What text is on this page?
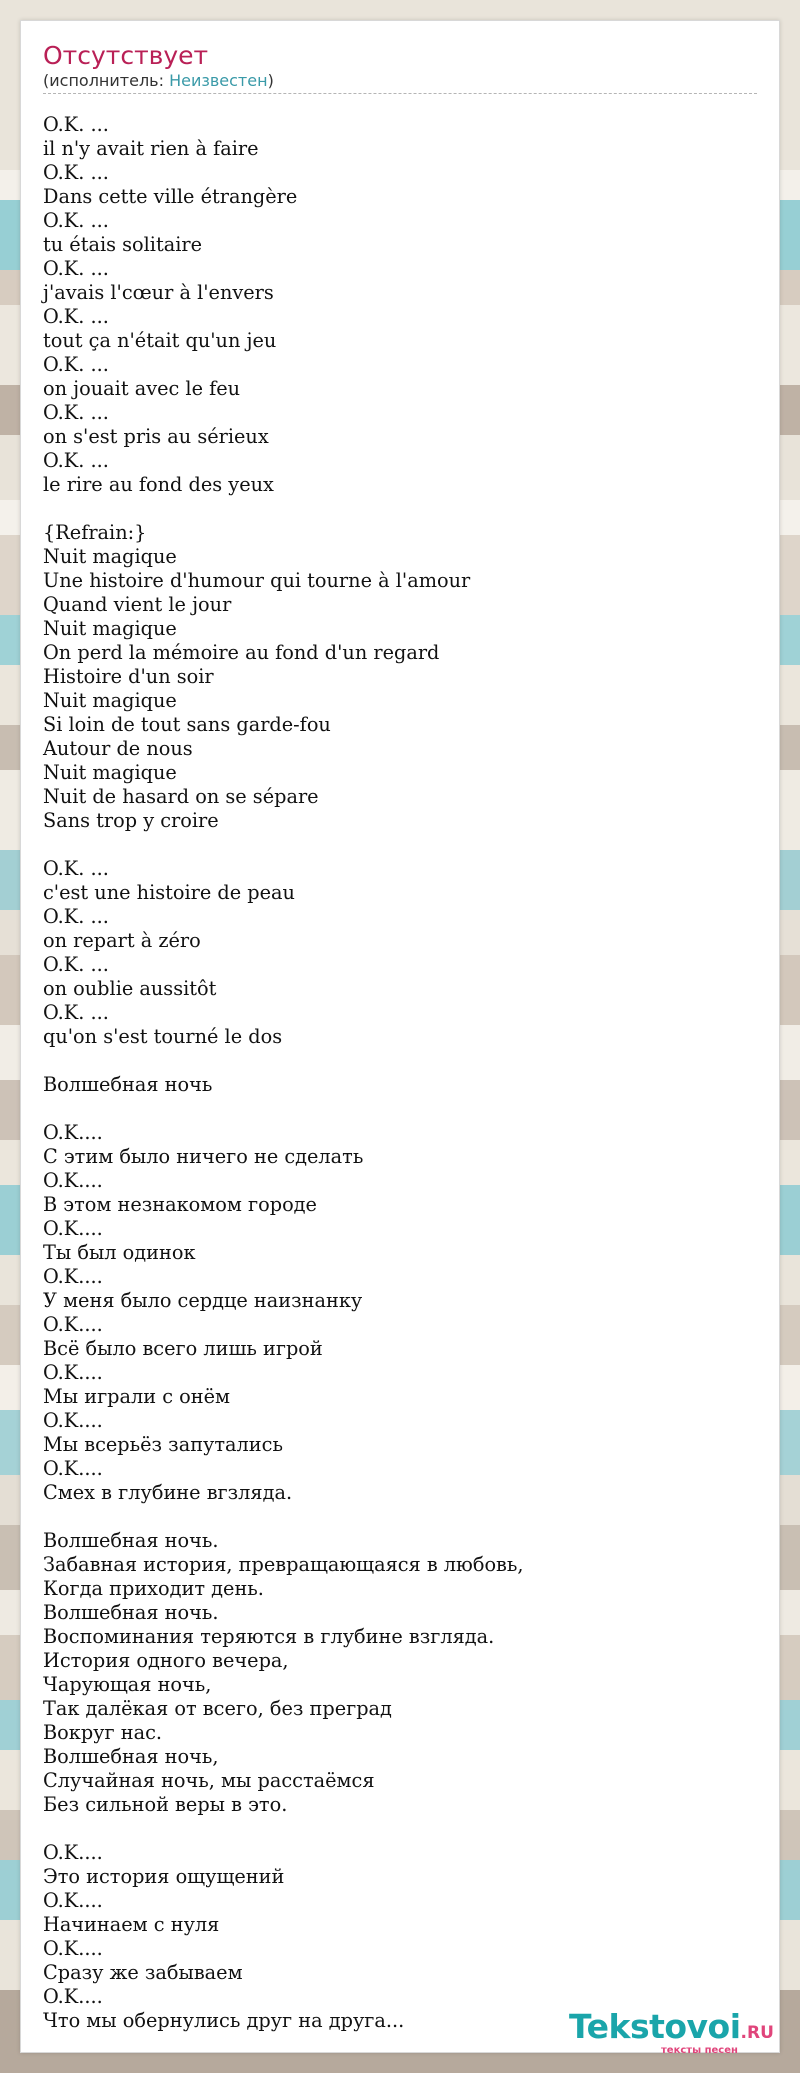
Отсутствует
(исполнитель: Неизвестен)
O.K. ...
il n'y avait rien à faire
O.K. ...
Dans cette ville étrangère
O.K. ...
tu étais solitaire
O.K. ...
j'avais l'cœur à l'envers
O.K. ...
tout ça n'était qu'un jeu
O.K. ...
on jouait avec le feu
O.K. ...
on s'est pris au sérieux
O.K. ...
le rire au fond des yeux

{Refrain:}
Nuit magique
Une histoire d'humour qui tourne à l'amour
Quand vient le jour
Nuit magique
On perd la mémoire au fond d'un regard
Histoire d'un soir
Nuit magique
Si loin de tout sans garde-fou
Autour de nous
Nuit magique
Nuit de hasard on se sépare
Sans trop y croire

O.K. ...
c'est une histoire de peau
O.K. ...
on repart à zéro
O.K. ...
on oublie aussitôt
O.K. ...
qu'on s'est tourné le dos

Волшебная ночь

O.K....
С этим было ничего не сделать
O.K....
В этом незнакомом городе
O.K....
Ты был одинок
O.K....
У меня было сердце наизнанку
O.K....
Всё было всего лишь игрой
O.K....
Мы играли с онём
O.K....
Мы всерьёз запутались
O.K....
Смех в глубине вгзляда.

Волшебная ночь.
Забавная история, превращающаяся в любовь,
Когда приходит день.
Волшебная ночь.
Воспоминания теряются в глубине взгляда.
История одного вечера,
Чарующая ночь,
Так далёкая от всего, без преград
Вокруг нас.
Волшебная ночь,
Случайная ночь, мы расстаёмся
Без сильной веры в это.

O.K....
Это история ощущений
O.K....
Начинаем с нуля
O.K....
Сразу же забываем
O.K....
Что мы обернулись друг на друга...	Tekstovoi.RU
тексты песен
